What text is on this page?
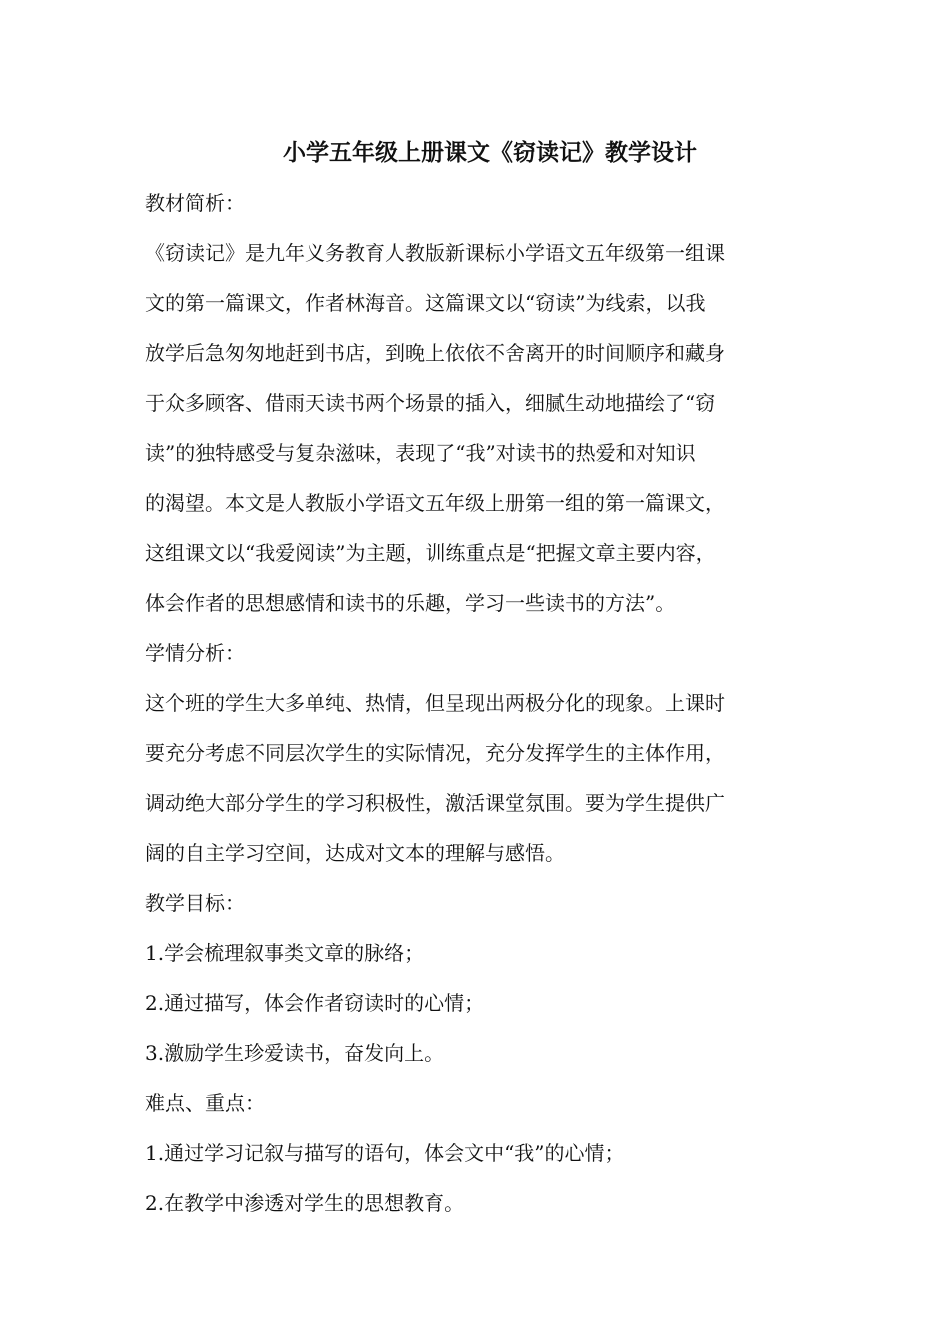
小学五年级上册课文《窃读记》教学设计

教材简析：

《窃读记》是九年义务教育人教版新课标小学语文五年级第一组课

文的第一篇课文，作者林海音。这篇课文以“窃读”为线索，以我

放学后急匆匆地赶到书店，到晚上依依不舍离开的时间顺序和藏身

于众多顾客、借雨天读书两个场景的插入，细腻生动地描绘了“窃

读”的独特感受与复杂滋味，表现了“我”对读书的热爱和对知识

的渴望。本文是人教版小学语文五年级上册第一组的第一篇课文，

这组课文以“我爱阅读”为主题，训练重点是“把握文章主要内容，

体会作者的思想感情和读书的乐趣，学习一些读书的方法”。

学情分析：

这个班的学生大多单纯、热情，但呈现出两极分化的现象。上课时

要充分考虑不同层次学生的实际情况，充分发挥学生的主体作用，

调动绝大部分学生的学习积极性，激活课堂氛围。要为学生提供广

阔的自主学习空间，达成对文本的理解与感悟。

教学目标：

1.学会梳理叙事类文章的脉络；

2.通过描写，体会作者窃读时的心情；

3.激励学生珍爱读书，奋发向上。

难点、重点：

1.通过学习记叙与描写的语句，体会文中“我”的心情；

2.在教学中渗透对学生的思想教育。
